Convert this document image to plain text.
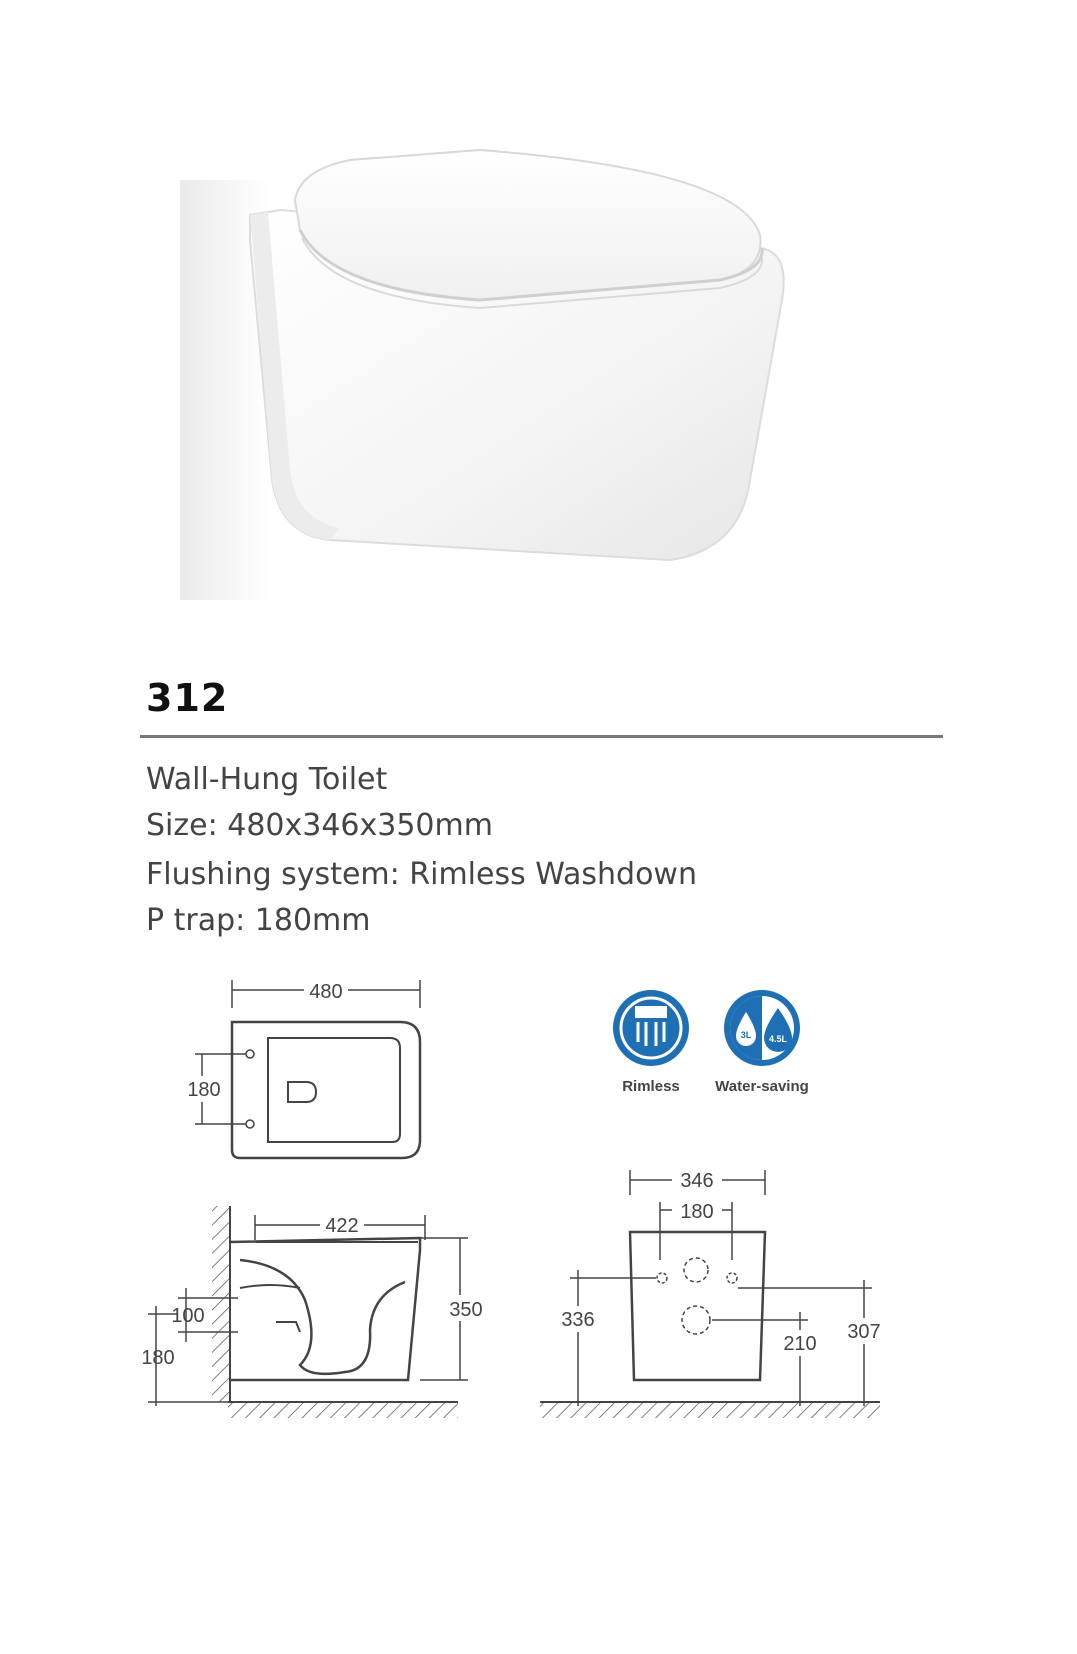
312
Wall-Hung Toilet
Size: 480x346x350mm
Flushing system: Rimless Washdown
P trap: 180mm
480
180	Rimless
3L 4.5L
Water-saving
422
350
100
180
346
180
336
210
307
